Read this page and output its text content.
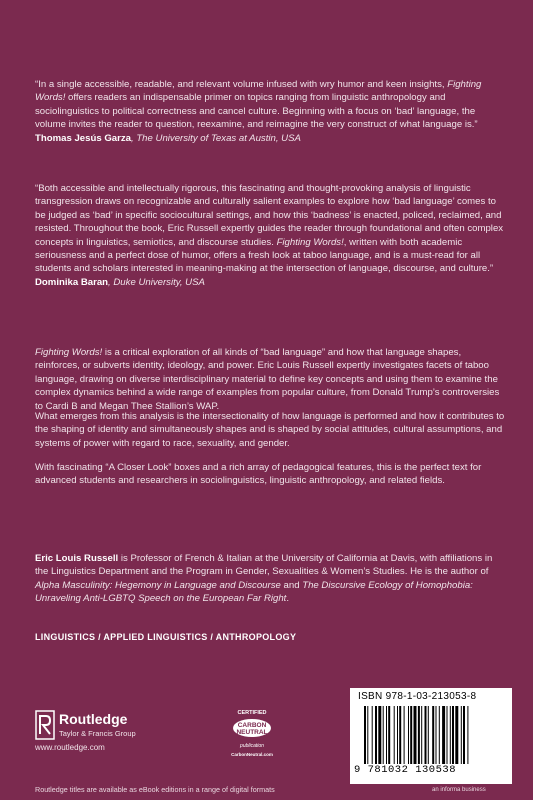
“In a single accessible, readable, and relevant volume infused with wry humor and keen insights, Fighting Words! offers readers an indispensable primer on topics ranging from linguistic anthropology and sociolinguistics to political correctness and cancel culture. Beginning with a focus on ‘bad’ language, the volume invites the reader to question, reexamine, and reimagine the very construct of what language is.”

Thomas Jesús Garza, The University of Texas at Austin, USA

“Both accessible and intellectually rigorous, this fascinating and thought-provoking analysis of linguistic transgression draws on recognizable and culturally salient examples to explore how ‘bad language’ comes to be judged as ‘bad’ in specific sociocultural settings, and how this ‘badness’ is enacted, policed, reclaimed, and resisted. Throughout the book, Eric Russell expertly guides the reader through foundational and often complex concepts in linguistics, semiotics, and discourse studies. Fighting Words!, written with both academic seriousness and a perfect dose of humor, offers a fresh look at taboo language, and is a must-read for all students and scholars interested in meaning-making at the intersection of language, discourse, and culture.”

Dominika Baran, Duke University, USA

Fighting Words! is a critical exploration of all kinds of “bad language” and how that language shapes, reinforces, or subverts identity, ideology, and power. Eric Louis Russell expertly investigates facets of taboo language, drawing on diverse interdisciplinary material to define key concepts and using them to examine the complex dynamics behind a wide range of examples from popular culture, from Donald Trump’s controversies to Cardi B and Megan Thee Stallion’s WAP.

What emerges from this analysis is the intersectionality of how language is performed and how it contributes to the shaping of identity and simultaneously shapes and is shaped by social attitudes, cultural assumptions, and systems of power with regard to race, sexuality, and gender.

With fascinating “A Closer Look” boxes and a rich array of pedagogical features, this is the perfect text for advanced students and researchers in sociolinguistics, linguistic anthropology, and related fields.

Eric Louis Russell is Professor of French & Italian at the University of California at Davis, with affiliations in the Linguistics Department and the Program in Gender, Sexualities & Women’s Studies. He is the author of Alpha Masculinity: Hegemony in Language and Discourse and The Discursive Ecology of Homophobia: Unraveling Anti-LGBTQ Speech on the European Far Right.

LINGUISTICS / APPLIED LINGUISTICS / ANTHROPOLOGY
Routledge
Taylor & Francis Group
www.routledge.com
CERTIFIED
CARBON
NEUTRAL
publication
CarbonNeutral.com
ISBN 978-1-03-213053-8
9 781032 130538
an informa business
Routledge titles are available as eBook editions in a range of digital formats
